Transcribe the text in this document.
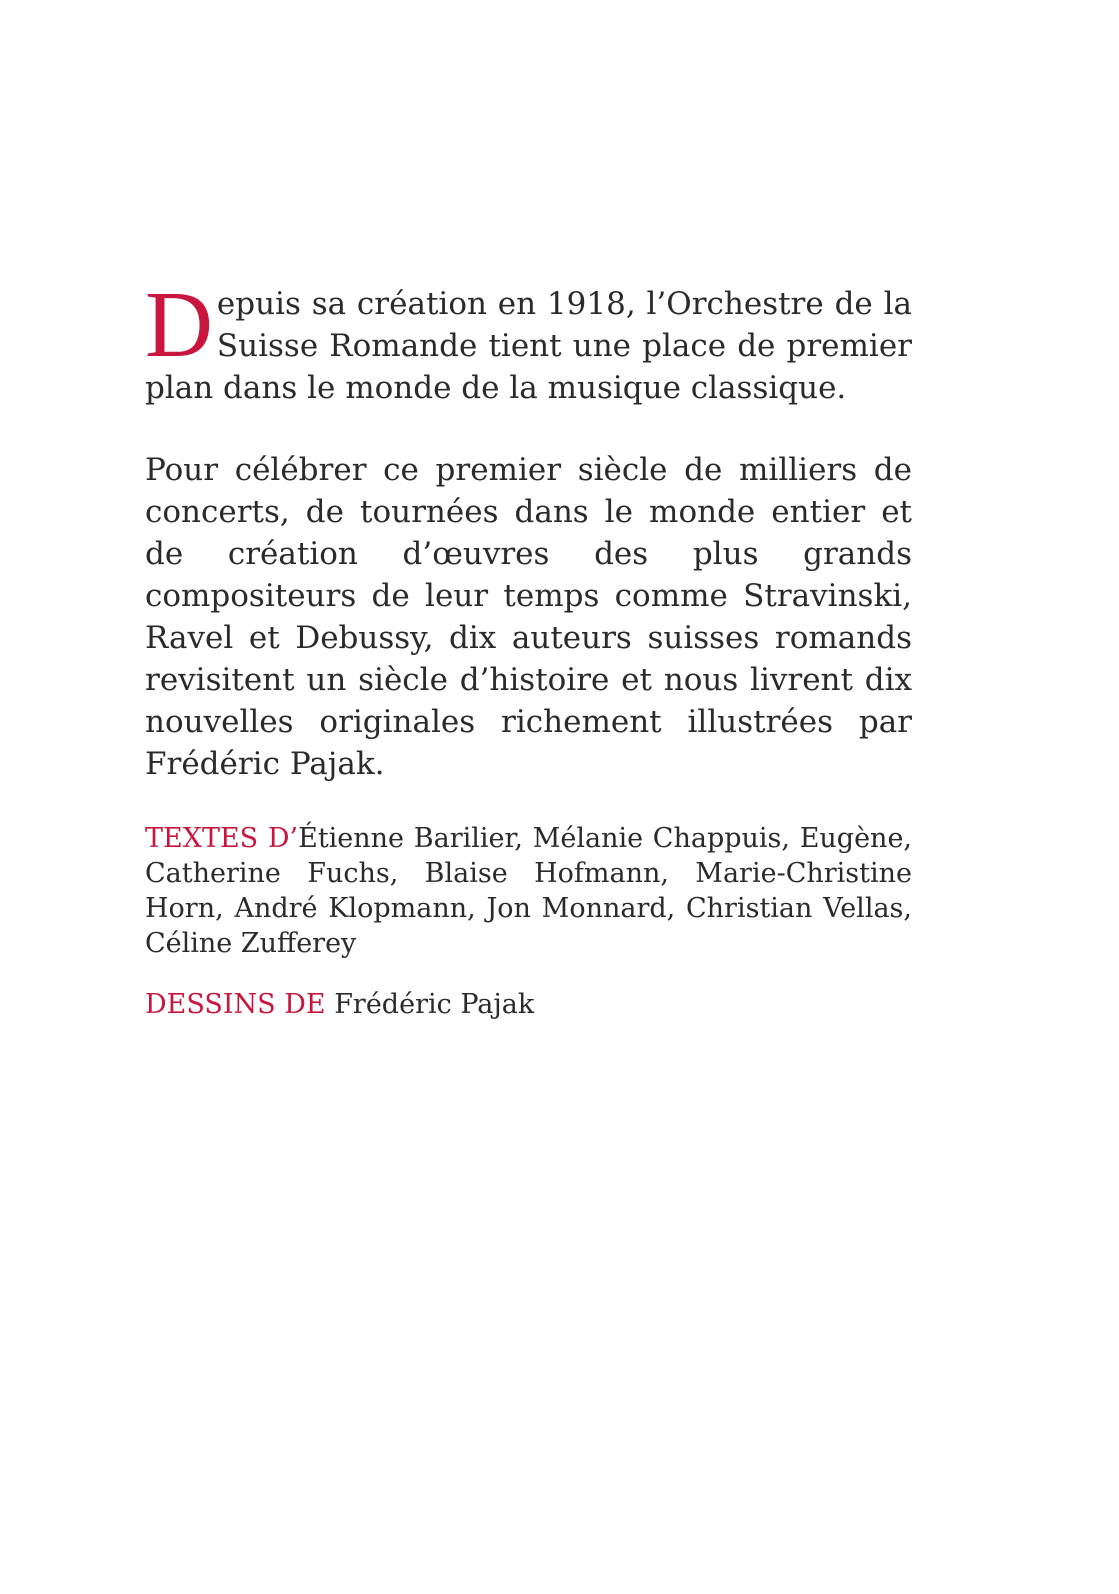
Depuis sa création en 1918, l’Orchestre de la Suisse Romande tient une place de premier plan dans le monde de la musique classique.

Pour célébrer ce premier siècle de milliers de concerts, de tournées dans le monde entier et de création d’œuvres des plus grands compositeurs de leur temps comme Stravinski, Ravel et Debussy, dix auteurs suisses romands revisitent un siècle d’histoire et nous livrent dix nouvelles originales richement illustrées par Frédéric Pajak.

TEXTES D’Étienne Barilier, Mélanie Chappuis, Eugène, Catherine Fuchs, Blaise Hofmann, Marie-Christine Horn, André Klopmann, Jon Monnard, Christian Vellas, Céline Zufferey

DESSINS DE Frédéric Pajak
